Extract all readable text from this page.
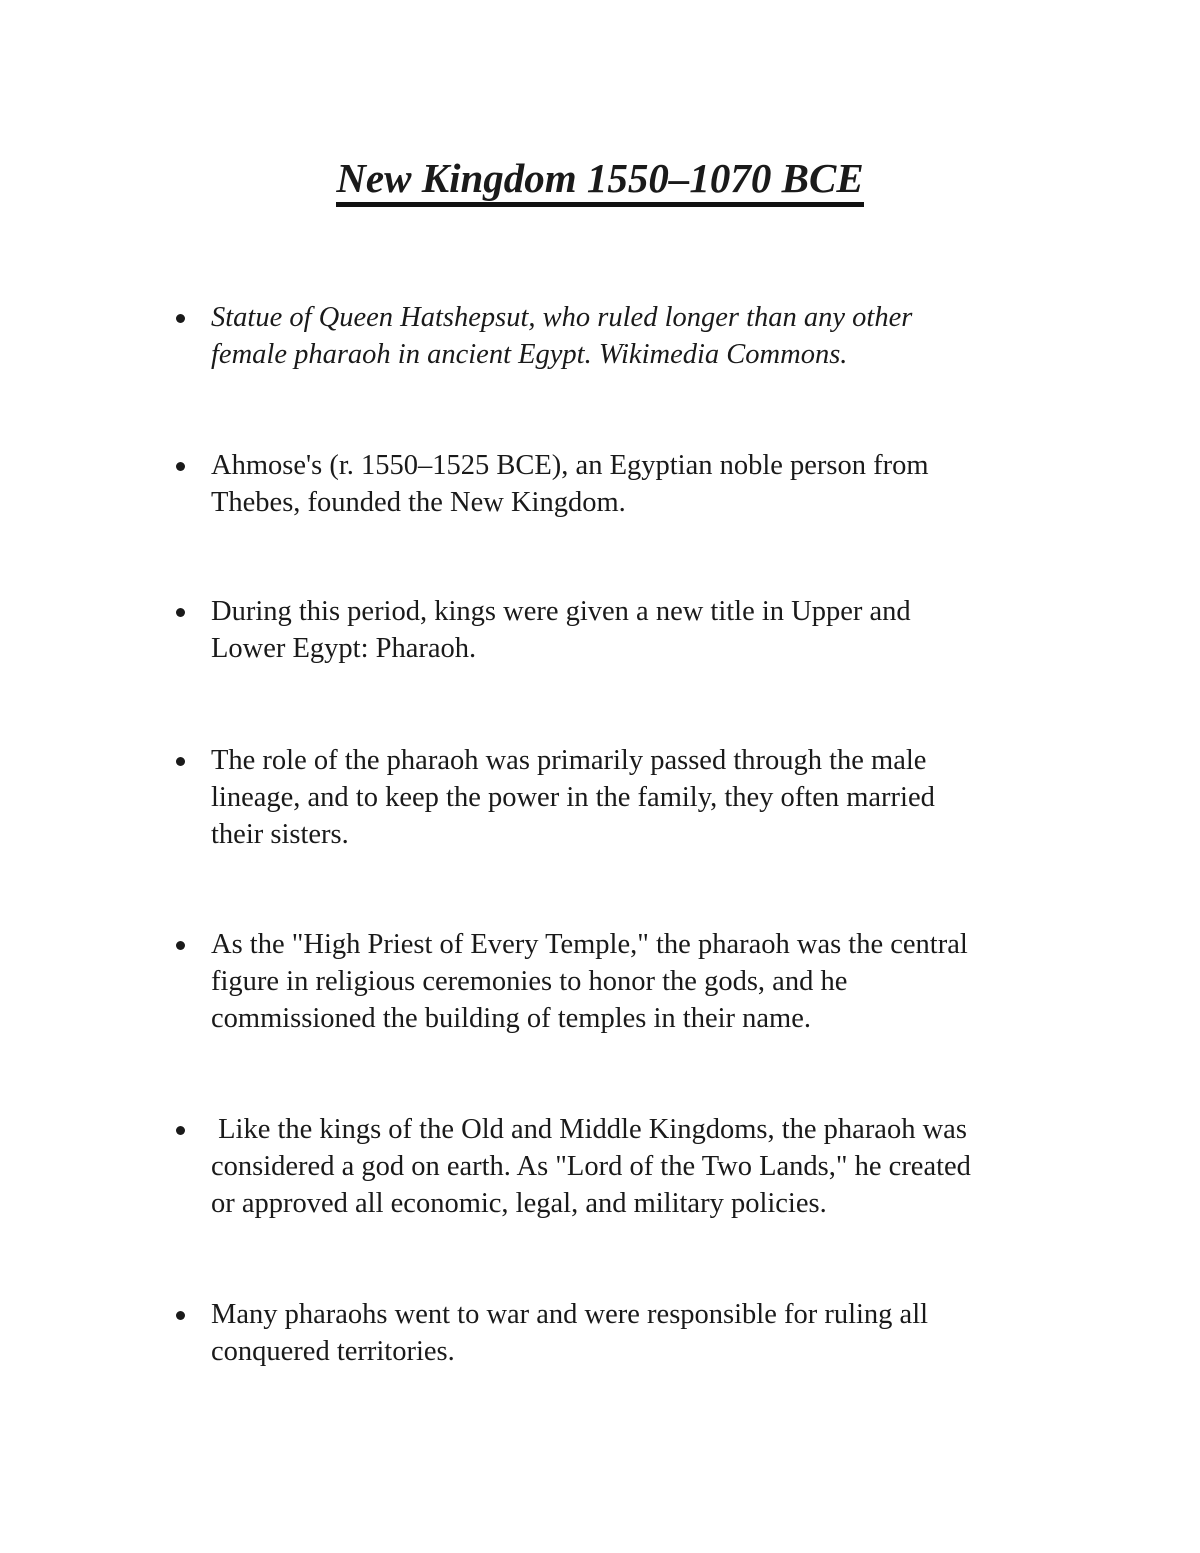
New Kingdom 1550–1070 BCE
Statue of Queen Hatshepsut, who ruled longer than any other
female pharaoh in ancient Egypt. Wikimedia Commons.
Ahmose's (r. 1550–1525 BCE), an Egyptian noble person from
Thebes, founded the New Kingdom.
During this period, kings were given a new title in Upper and
Lower Egypt: Pharaoh.
The role of the pharaoh was primarily passed through the male
lineage, and to keep the power in the family, they often married
their sisters.
As the "High Priest of Every Temple," the pharaoh was the central
figure in religious ceremonies to honor the gods, and he
commissioned the building of temples in their name.
Like the kings of the Old and Middle Kingdoms, the pharaoh was
considered a god on earth. As "Lord of the Two Lands," he created
or approved all economic, legal, and military policies.
Many pharaohs went to war and were responsible for ruling all
conquered territories.
